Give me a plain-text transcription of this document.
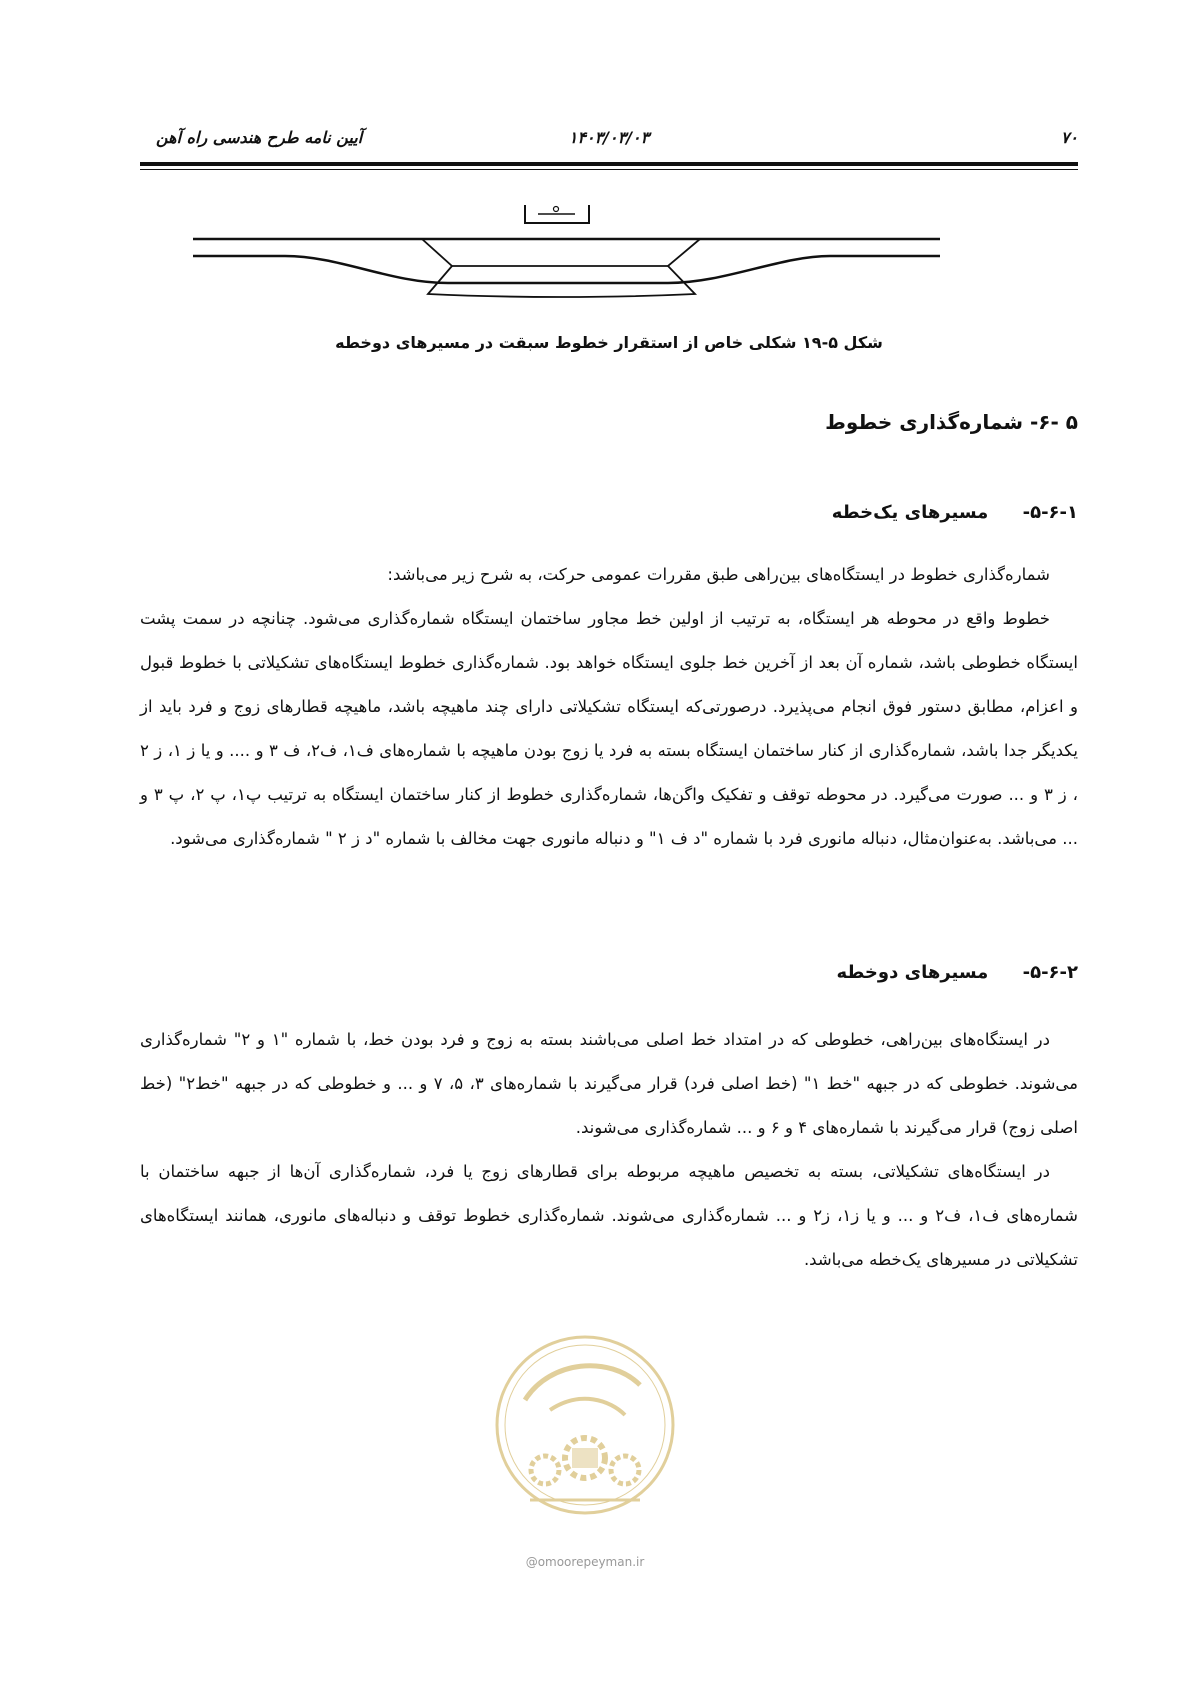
۷۰
۱۴۰۳/۰۳/۰۳
آیین نامه طرح هندسی راه آهن
شکل ۵-۱۹ شکلی خاص از استقرار خطوط سبقت در مسیرهای دوخطه
۵ -۶- شماره‌گذاری خطوط
۵-۶-۱- مسیرهای یک‌خطه

شماره‌گذاری خطوط در ایستگاه‌های بین‌راهی طبق مقررات عمومی حرکت، به شرح زیر می‌باشد:

خطوط واقع در محوطه هر ایستگاه، به ترتیب از اولین خط مجاور ساختمان ایستگاه شماره‌گذاری می‌شود. چنانچه در سمت پشت ایستگاه خطوطی باشد، شماره آن بعد از آخرین خط جلوی ایستگاه خواهد بود. شماره‌گذاری خطوط ایستگاه‌های تشکیلاتی با خطوط قبول و اعزام، مطابق دستور فوق انجام می‌پذیرد. درصورتی‌که ایستگاه تشکیلاتی دارای چند ماهیچه باشد، ماهیچه قطارهای زوج و فرد باید از یکدیگر جدا باشد، شماره‌گذاری از کنار ساختمان ایستگاه بسته به فرد یا زوج بودن ماهیچه با شماره‌های ف۱، ف۲، ف ۳ و .... و یا ز ۱، ز ۲ ، ز ۳ و ... صورت می‌گیرد. در محوطه توقف و تفکیک واگن‌ها، شماره‌گذاری خطوط از کنار ساختمان ایستگاه به ترتیب پ۱، پ ۲، پ ۳ و ... می‌باشد. به‌عنوان‌مثال، دنباله مانوری فرد با شماره "د ف ۱" و دنباله مانوری جهت مخالف با شماره "د ز ۲ " شماره‌گذاری می‌شود.

۵-۶-۲- مسیرهای دوخطه

در ایستگاه‌های بین‌راهی، خطوطی که در امتداد خط اصلی می‌باشند بسته به زوج و فرد بودن خط، با شماره "۱ و ۲" شماره‌گذاری می‌شوند. خطوطی که در جبهه "خط ۱" (خط اصلی فرد) قرار می‌گیرند با شماره‌های ۳، ۵، ۷ و ... و خطوطی که در جبهه "خط۲" (خط اصلی زوج) قرار می‌گیرند با شماره‌های ۴ و ۶ و ... شماره‌گذاری می‌شوند.

در ایستگاه‌های تشکیلاتی، بسته به تخصیص ماهیچه مربوطه برای قطارهای زوج یا فرد، شماره‌گذاری آن‌ها از جبهه ساختمان با شماره‌های ف۱، ف۲ و ... و یا ز۱، ز۲ و ... شماره‌گذاری می‌شوند. شماره‌گذاری خطوط توقف و دنباله‌های مانوری، همانند ایستگاه‌های تشکیلاتی در مسیرهای یک‌خطه می‌باشد.

@omoorepeyman.ir
